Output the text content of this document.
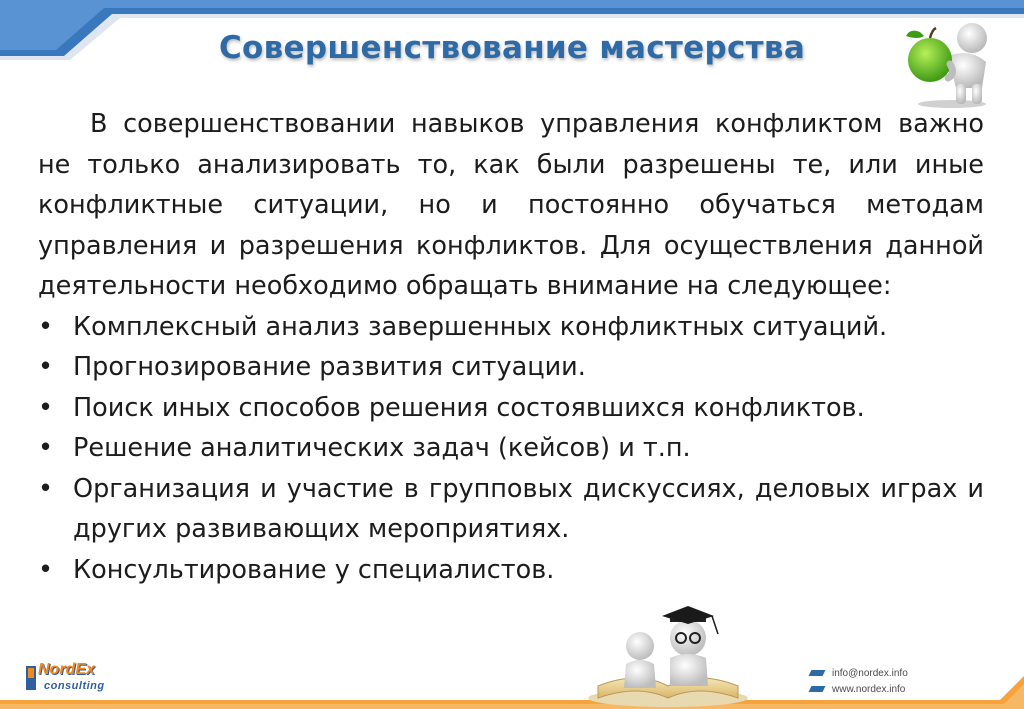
Совершенствование мастерства

В совершенствовании навыков управления конфликтом важно не только анализировать то, как были разрешены те, или иные конфликтные ситуации, но и постоянно обучаться методам управления и разрешения конфликтов. Для осуществления данной деятельности необходимо обращать внимание на следующее:

• Комплексный анализ завершенных конфликтных ситуаций.
• Прогнозирование развития ситуации.
• Поиск иных способов решения состоявшихся конфликтов.
• Решение аналитических задач (кейсов) и т.п.
• Организация и участие в групповых дискуссиях, деловых играх и других развивающих мероприятиях.
• Консультирование у специалистов.
NordEx
consulting
info@nordex.info
www.nordex.info
